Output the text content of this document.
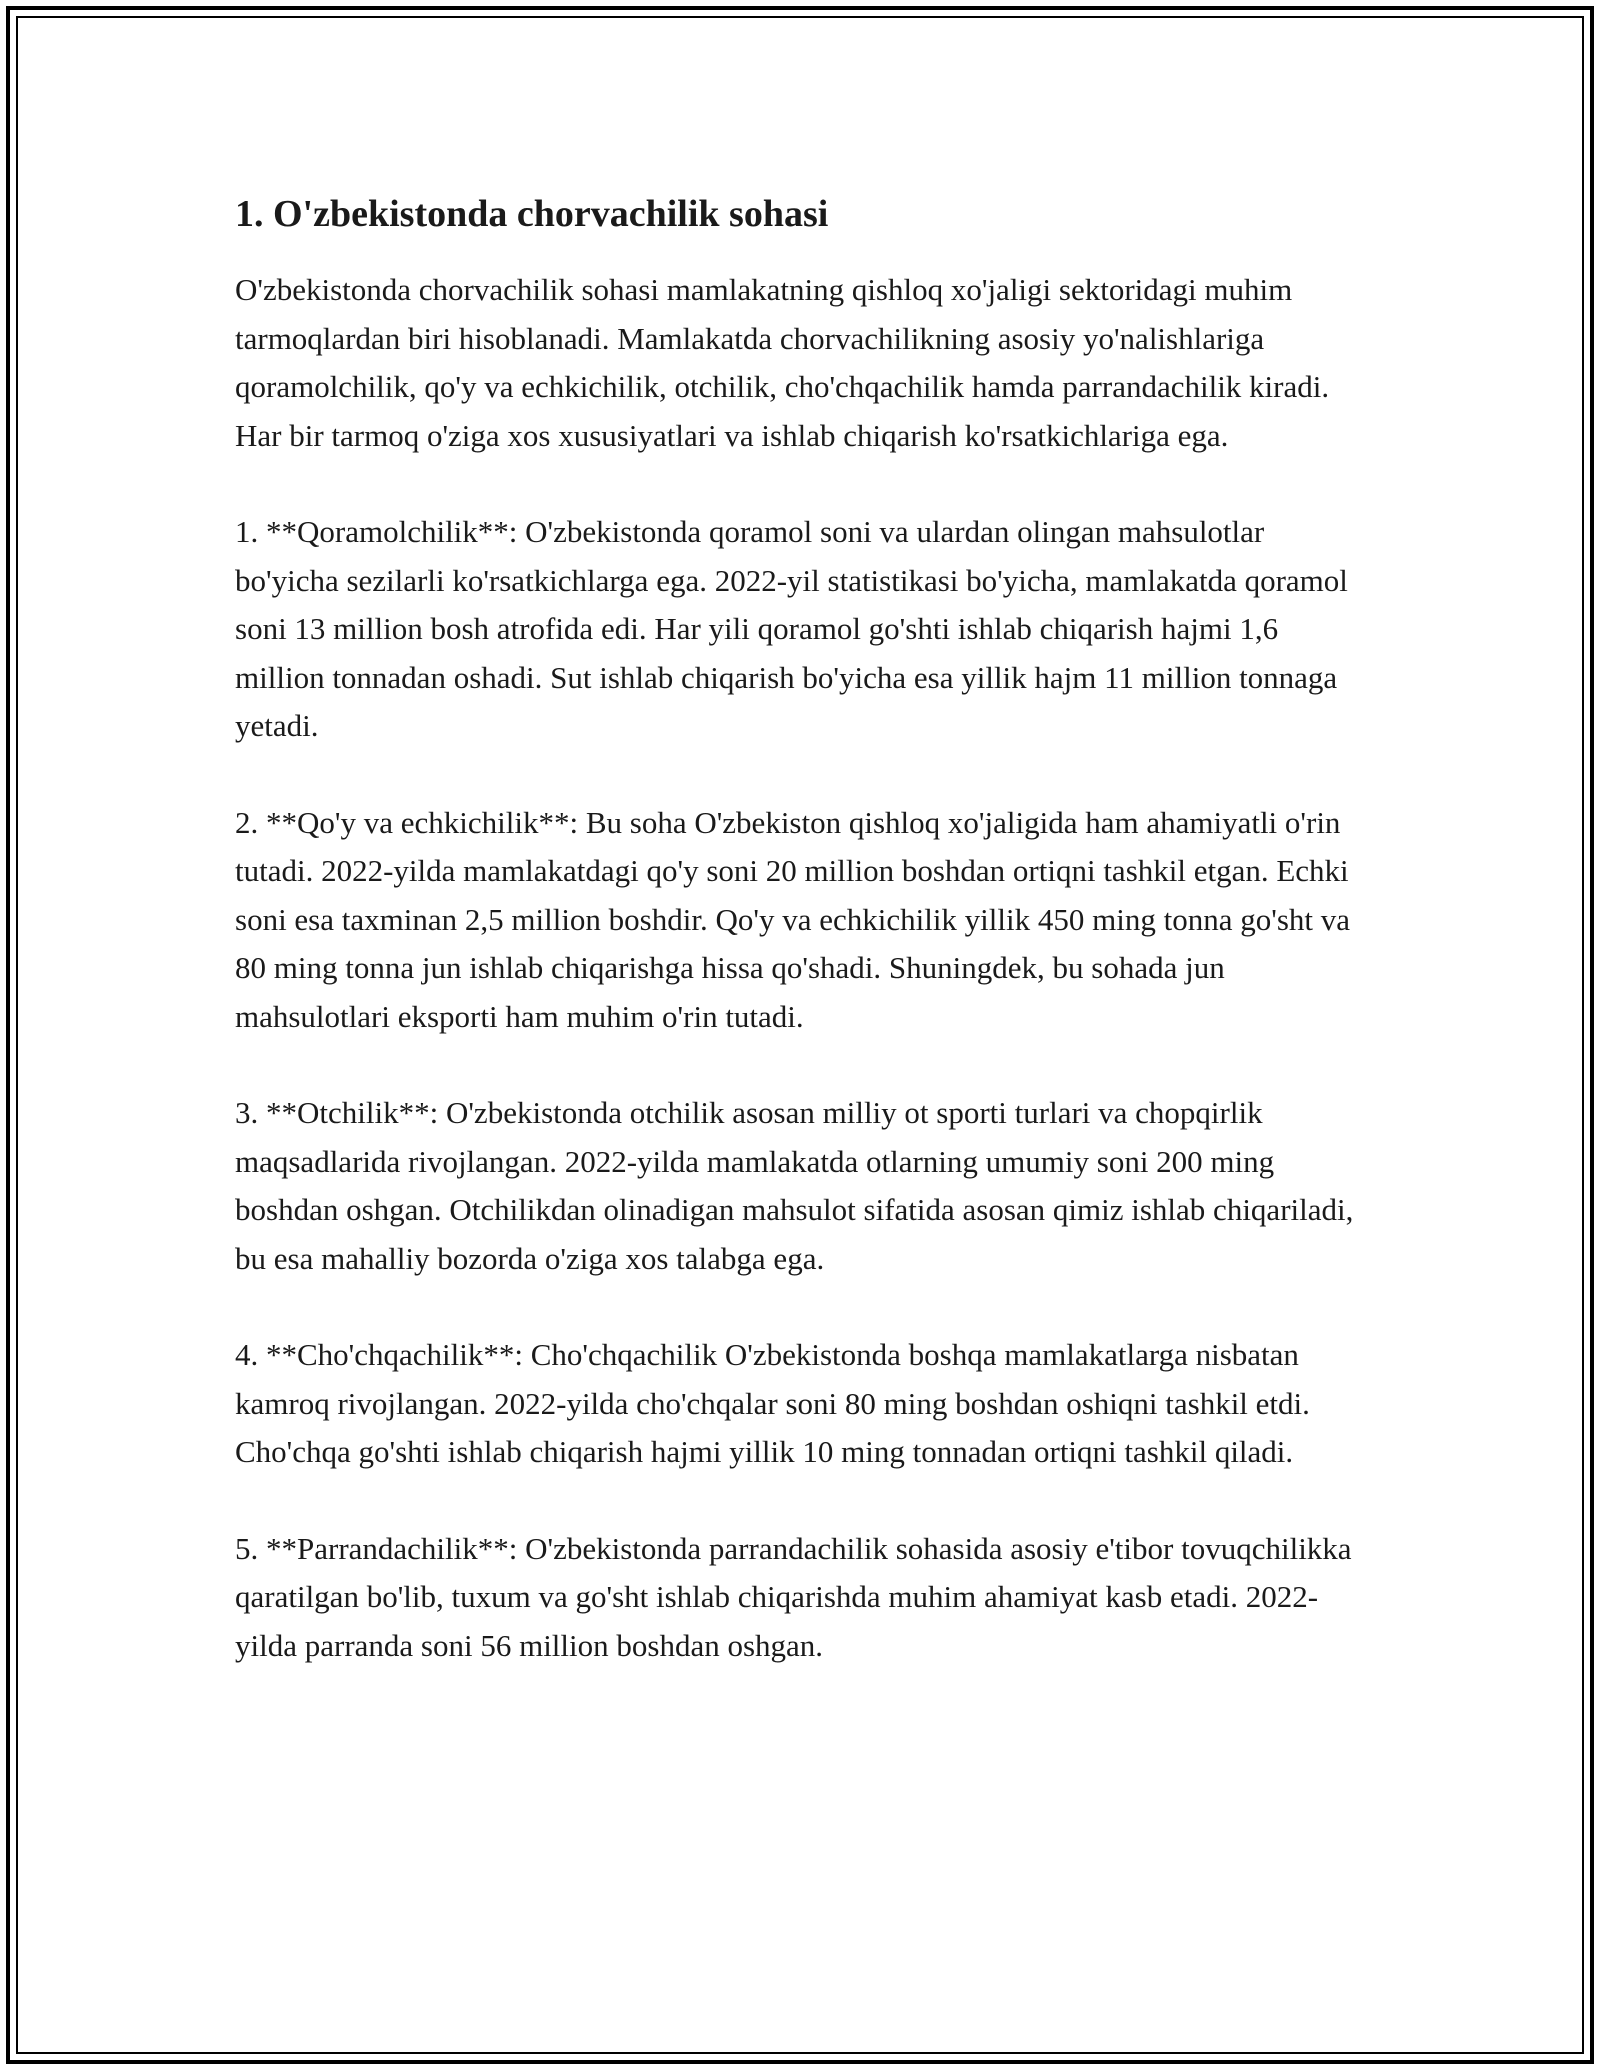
1. O'zbekistonda chorvachilik sohasi

O'zbekistonda chorvachilik sohasi mamlakatning qishloq xo'jaligi sektoridagi muhim tarmoqlardan biri hisoblanadi. Mamlakatda chorvachilikning asosiy yo'nalishlariga qoramolchilik, qo'y va echkichilik, otchilik, cho'chqachilik hamda parrandachilik kiradi. Har bir tarmoq o'ziga xos xususiyatlari va ishlab chiqarish ko'rsatkichlariga ega.

1. **Qoramolchilik**: O'zbekistonda qoramol soni va ulardan olingan mahsulotlar bo'yicha sezilarli ko'rsatkichlarga ega. 2022-yil statistikasi bo'yicha, mamlakatda qoramol soni 13 million bosh atrofida edi. Har yili qoramol go'shti ishlab chiqarish hajmi 1,6 million tonnadan oshadi. Sut ishlab chiqarish bo'yicha esa yillik hajm 11 million tonnaga yetadi.

2. **Qo'y va echkichilik**: Bu soha O'zbekiston qishloq xo'jaligida ham ahamiyatli o'rin tutadi. 2022-yilda mamlakatdagi qo'y soni 20 million boshdan ortiqni tashkil etgan. Echki soni esa taxminan 2,5 million boshdir. Qo'y va echkichilik yillik 450 ming tonna go'sht va 80 ming tonna jun ishlab chiqarishga hissa qo'shadi. Shuningdek, bu sohada jun mahsulotlari eksporti ham muhim o'rin tutadi.

3. **Otchilik**: O'zbekistonda otchilik asosan milliy ot sporti turlari va chopqirlik maqsadlarida rivojlangan. 2022-yilda mamlakatda otlarning umumiy soni 200 ming boshdan oshgan. Otchilikdan olinadigan mahsulot sifatida asosan qimiz ishlab chiqariladi, bu esa mahalliy bozorda o'ziga xos talabga ega.

4. **Cho'chqachilik**: Cho'chqachilik O'zbekistonda boshqa mamlakatlarga nisbatan kamroq rivojlangan. 2022-yilda cho'chqalar soni 80 ming boshdan oshiqni tashkil etdi. Cho'chqa go'shti ishlab chiqarish hajmi yillik 10 ming tonnadan ortiqni tashkil qiladi.

5. **Parrandachilik**: O'zbekistonda parrandachilik sohasida asosiy e'tibor tovuqchilikka qaratilgan bo'lib, tuxum va go'sht ishlab chiqarishda muhim ahamiyat kasb etadi. 2022-yilda parranda soni 56 million boshdan oshgan.
